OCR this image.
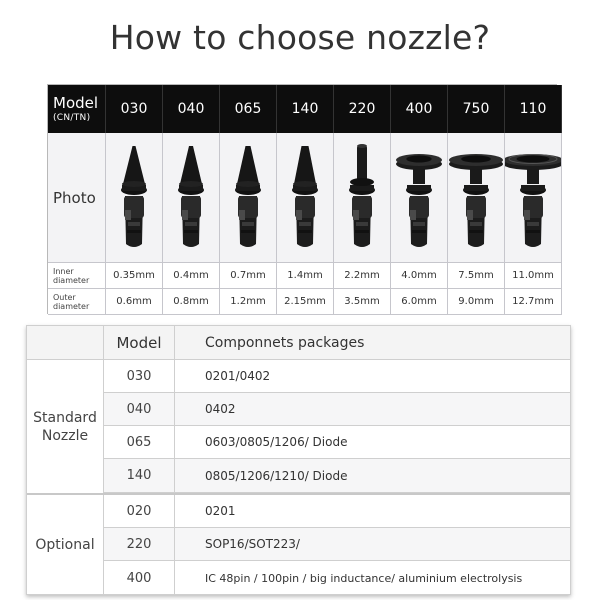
How to choose nozzle?
Model
(CN/TN)
030	040	065	140	220	400	750	110
Photo
Inner diameter	0.35mm	0.4mm	0.7mm	1.4mm	2.2mm	4.0mm	7.5mm	11.0mm
Outer diameter	0.6mm	0.8mm	1.2mm	2.15mm	3.5mm	6.0mm	9.0mm	12.7mm
Model	Componnets packages
Standard Nozzle
030	0201/0402
040	0402
065	0603/0805/1206/ Diode
140	0805/1206/1210/ Diode
Optional
020	0201
220	SOP16/SOT223/
400	IC 48pin / 100pin / big inductance/ aluminium electrolysis
